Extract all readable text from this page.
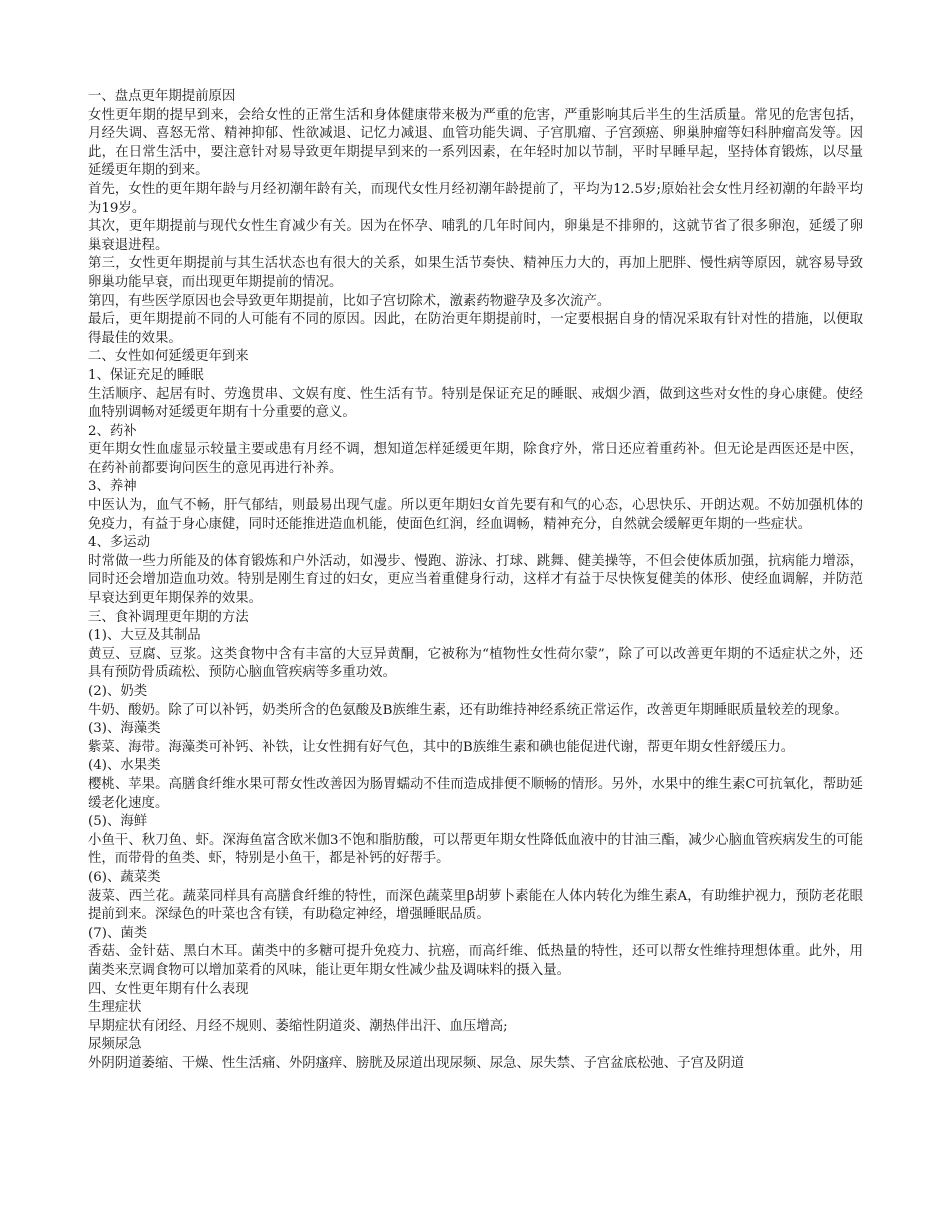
一、盘点更年期提前原因

女性更年期的提早到来，会给女性的正常生活和身体健康带来极为严重的危害，严重影响其后半生的生活质量。常见的危害包括，月经失调、喜怒无常、精神抑郁、性欲减退、记忆力减退、血管功能失调、子宫肌瘤、子宫颈癌、卵巢肿瘤等妇科肿瘤高发等。因此，在日常生活中，要注意针对易导致更年期提早到来的一系列因素，在年轻时加以节制，平时早睡早起，坚持体育锻炼，以尽量延缓更年期的到来。

首先，女性的更年期年龄与月经初潮年龄有关，而现代女性月经初潮年龄提前了，平均为12.5岁;原始社会女性月经初潮的年龄平均为19岁。

其次，更年期提前与现代女性生育减少有关。因为在怀孕、哺乳的几年时间内，卵巢是不排卵的，这就节省了很多卵泡，延缓了卵巢衰退进程。

第三，女性更年期提前与其生活状态也有很大的关系，如果生活节奏快、精神压力大的，再加上肥胖、慢性病等原因，就容易导致卵巢功能早衰，而出现更年期提前的情况。

第四，有些医学原因也会导致更年期提前，比如子宫切除术，激素药物避孕及多次流产。

最后，更年期提前不同的人可能有不同的原因。因此，在防治更年期提前时，一定要根据自身的情况采取有针对性的措施，以便取得最佳的效果。

二、女性如何延缓更年到来

1、保证充足的睡眠

生活顺序、起居有时、劳逸贯串、文娱有度、性生活有节。特别是保证充足的睡眠、戒烟少酒，做到这些对女性的身心康健。使经血特别调畅对延缓更年期有十分重要的意义。

2、药补

更年期女性血虚显示较量主要或患有月经不调，想知道怎样延缓更年期，除食疗外，常日还应着重药补。但无论是西医还是中医，在药补前都要询问医生的意见再进行补养。

3、养神

中医认为，血气不畅，肝气郁结，则最易出现气虚。所以更年期妇女首先要有和气的心态，心思快乐、开朗达观。不妨加强机体的免疫力，有益于身心康健，同时还能推进造血机能，使面色红润，经血调畅，精神充分，自然就会缓解更年期的一些症状。

4、多运动

时常做一些力所能及的体育锻炼和户外活动，如漫步、慢跑、游泳、打球、跳舞、健美操等，不但会使体质加强，抗病能力增添，同时还会增加造血功效。特别是刚生育过的妇女，更应当着重健身行动，这样才有益于尽快恢复健美的体形、使经血调解，并防范早衰达到更年期保养的效果。

三、食补调理更年期的方法

(1)、大豆及其制品

黄豆、豆腐、豆浆。这类食物中含有丰富的大豆异黄酮，它被称为“植物性女性荷尔蒙”，除了可以改善更年期的不适症状之外，还具有预防骨质疏松、预防心脑血管疾病等多重功效。

(2)、奶类

牛奶、酸奶。除了可以补钙，奶类所含的色氨酸及B族维生素，还有助维持神经系统正常运作，改善更年期睡眠质量较差的现象。

(3)、海藻类

紫菜、海带。海藻类可补钙、补铁，让女性拥有好气色，其中的B族维生素和碘也能促进代谢，帮更年期女性舒缓压力。

(4)、水果类

樱桃、苹果。高膳食纤维水果可帮女性改善因为肠胃蠕动不佳而造成排便不顺畅的情形。另外，水果中的维生素C可抗氧化，帮助延缓老化速度。

(5)、海鲜

小鱼干、秋刀鱼、虾。深海鱼富含欧米伽3不饱和脂肪酸，可以帮更年期女性降低血液中的甘油三酯，减少心脑血管疾病发生的可能性，而带骨的鱼类、虾，特别是小鱼干，都是补钙的好帮手。

(6)、蔬菜类

菠菜、西兰花。蔬菜同样具有高膳食纤维的特性，而深色蔬菜里β胡萝卜素能在人体内转化为维生素A，有助维护视力，预防老花眼提前到来。深绿色的叶菜也含有镁，有助稳定神经，增强睡眠品质。

(7)、菌类

香菇、金针菇、黑白木耳。菌类中的多糖可提升免疫力、抗癌，而高纤维、低热量的特性，还可以帮女性维持理想体重。此外，用菌类来烹调食物可以增加菜肴的风味，能让更年期女性减少盐及调味料的摄入量。

四、女性更年期有什么表现

生理症状

早期症状有闭经、月经不规则、萎缩性阴道炎、潮热伴出汗、血压增高;

尿频尿急

外阴阴道萎缩、干燥、性生活痛、外阴瘙痒、膀胱及尿道出现尿频、尿急、尿失禁、子宫盆底松弛、子宫及阴道
